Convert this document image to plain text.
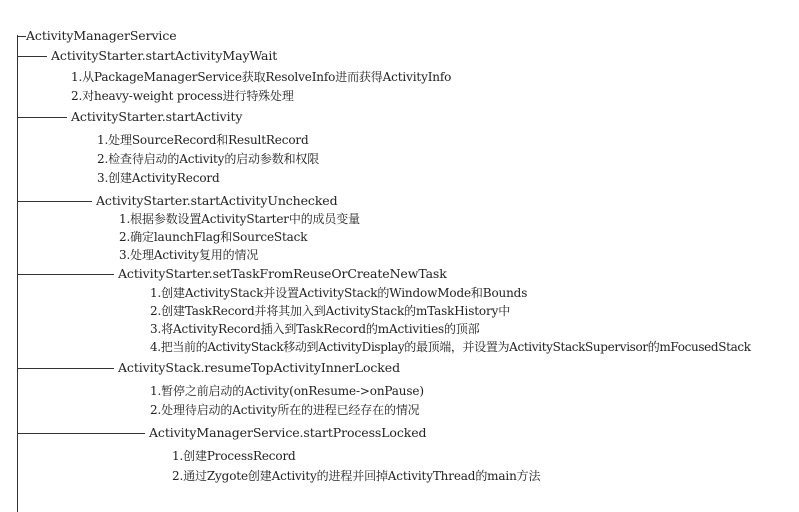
ActivityManagerService
ActivityStarter.startActivityMayWait
1.从PackageManagerService获取ResolveInfo进而获得ActivityInfo
2.对heavy-weight process进行特殊处理
ActivityStarter.startActivity
1.处理SourceRecord和ResultRecord
2.检查待启动的Activity的启动参数和权限
3.创建ActivityRecord
ActivityStarter.startActivityUnchecked
1.根据参数设置ActivityStarter中的成员变量
2.确定launchFlag和SourceStack
3.处理Activity复用的情况
ActivityStarter.setTaskFromReuseOrCreateNewTask
1.创建ActivityStack并设置ActivityStack的WindowMode和Bounds
2.创建TaskRecord并将其加入到ActivityStack的mTaskHistory中
3.将ActivityRecord插入到TaskRecord的mActivities的顶部
4.把当前的ActivityStack移动到ActivityDisplay的最顶端，并设置为ActivityStackSupervisor的mFocusedStack
ActivityStack.resumeTopActivityInnerLocked
1.暂停之前启动的Activity(onResume->onPause)
2.处理待启动的Activity所在的进程已经存在的情况
ActivityManagerService.startProcessLocked
1.创建ProcessRecord
2.通过Zygote创建Activity的进程并回掉ActivityThread的main方法
